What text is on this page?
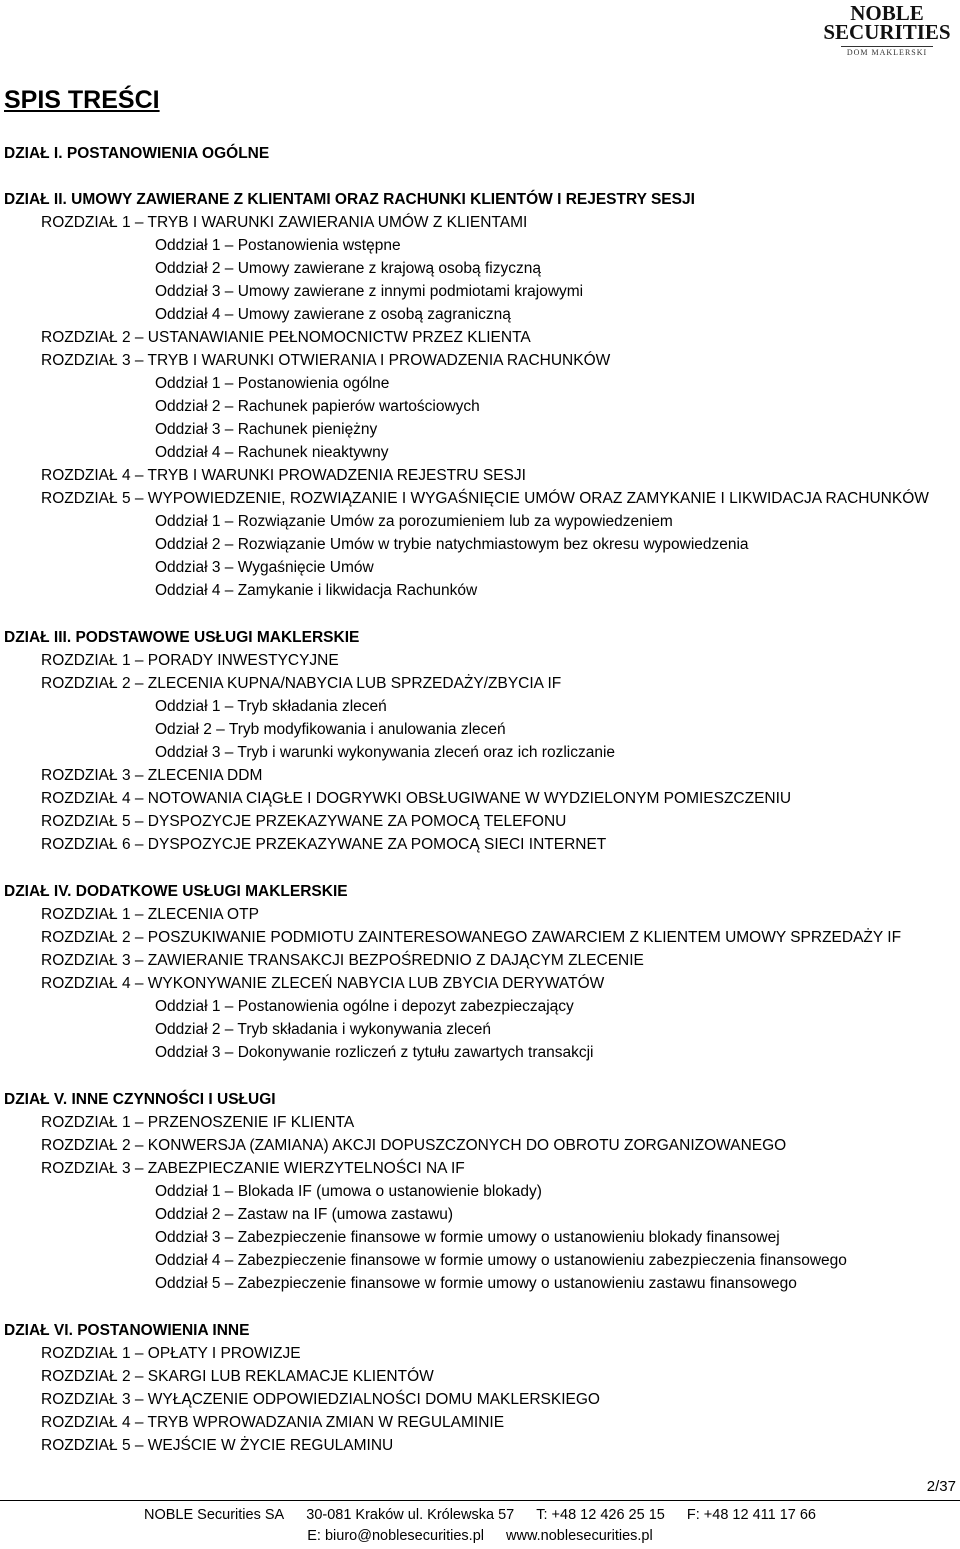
NOBLE
SECURITIES
DOM MAKLERSKI
SPIS TREŚCI
DZIAŁ I. POSTANOWIENIA OGÓLNE
DZIAŁ II. UMOWY ZAWIERANE Z KLIENTAMI ORAZ RACHUNKI KLIENTÓW I REJESTRY SESJI
ROZDZIAŁ 1 – TRYB I WARUNKI ZAWIERANIA UMÓW Z KLIENTAMI
Oddział 1 – Postanowienia wstępne
Oddział 2 – Umowy zawierane z krajową osobą fizyczną
Oddział 3 – Umowy zawierane z innymi podmiotami krajowymi
Oddział 4 – Umowy zawierane z osobą zagraniczną
ROZDZIAŁ 2 – USTANAWIANIE PEŁNOMOCNICTW PRZEZ KLIENTA
ROZDZIAŁ 3 – TRYB I WARUNKI OTWIERANIA I PROWADZENIA RACHUNKÓW
Oddział 1 – Postanowienia ogólne
Oddział 2 – Rachunek papierów wartościowych
Oddział 3 – Rachunek pieniężny
Oddział 4 – Rachunek nieaktywny
ROZDZIAŁ 4 – TRYB I WARUNKI PROWADZENIA REJESTRU SESJI
ROZDZIAŁ 5 – WYPOWIEDZENIE, ROZWIĄZANIE I WYGAŚNIĘCIE UMÓW ORAZ ZAMYKANIE I LIKWIDACJA RACHUNKÓW
Oddział 1 – Rozwiązanie Umów za porozumieniem lub za wypowiedzeniem
Oddział 2 – Rozwiązanie Umów w trybie natychmiastowym bez okresu wypowiedzenia
Oddział 3 – Wygaśnięcie Umów
Oddział 4 – Zamykanie i likwidacja Rachunków
DZIAŁ III. PODSTAWOWE USŁUGI MAKLERSKIE
ROZDZIAŁ 1 – PORADY INWESTYCYJNE
ROZDZIAŁ 2 – ZLECENIA KUPNA/NABYCIA LUB SPRZEDAŻY/ZBYCIA IF
Oddział 1 – Tryb składania zleceń
Odział 2 – Tryb modyfikowania i anulowania zleceń
Oddział 3 – Tryb i warunki wykonywania zleceń oraz ich rozliczanie
ROZDZIAŁ 3 – ZLECENIA DDM
ROZDZIAŁ 4 – NOTOWANIA CIĄGŁE I DOGRYWKI OBSŁUGIWANE W WYDZIELONYM POMIESZCZENIU
ROZDZIAŁ 5 – DYSPOZYCJE PRZEKAZYWANE ZA POMOCĄ TELEFONU
ROZDZIAŁ 6 – DYSPOZYCJE PRZEKAZYWANE ZA POMOCĄ SIECI INTERNET
DZIAŁ IV. DODATKOWE USŁUGI MAKLERSKIE
ROZDZIAŁ 1 – ZLECENIA OTP
ROZDZIAŁ 2 – POSZUKIWANIE PODMIOTU ZAINTERESOWANEGO ZAWARCIEM Z KLIENTEM UMOWY SPRZEDAŻY IF
ROZDZIAŁ 3 – ZAWIERANIE TRANSAKCJI BEZPOŚREDNIO Z DAJĄCYM ZLECENIE
ROZDZIAŁ 4 – WYKONYWANIE ZLECEŃ NABYCIA LUB ZBYCIA DERYWATÓW
Oddział 1 – Postanowienia ogólne i depozyt zabezpieczający
Oddział 2 – Tryb składania i wykonywania zleceń
Oddział 3 – Dokonywanie rozliczeń z tytułu zawartych transakcji
DZIAŁ V. INNE CZYNNOŚCI I USŁUGI
ROZDZIAŁ 1 – PRZENOSZENIE IF KLIENTA
ROZDZIAŁ 2 – KONWERSJA (ZAMIANA) AKCJI DOPUSZCZONYCH DO OBROTU ZORGANIZOWANEGO
ROZDZIAŁ 3 – ZABEZPIECZANIE WIERZYTELNOŚCI NA IF
Oddział 1 – Blokada IF (umowa o ustanowienie blokady)
Oddział 2 – Zastaw na IF (umowa zastawu)
Oddział 3 – Zabezpieczenie finansowe w formie umowy o ustanowieniu blokady finansowej
Oddział 4 – Zabezpieczenie finansowe w formie umowy o ustanowieniu zabezpieczenia finansowego
Oddział 5 – Zabezpieczenie finansowe w formie umowy o ustanowieniu zastawu finansowego
DZIAŁ VI. POSTANOWIENIA INNE
ROZDZIAŁ 1 – OPŁATY I PROWIZJE
ROZDZIAŁ 2 – SKARGI LUB REKLAMACJE KLIENTÓW
ROZDZIAŁ 3 – WYŁĄCZENIE ODPOWIEDZIALNOŚCI DOMU MAKLERSKIEGO
ROZDZIAŁ 4 – TRYB WPROWADZANIA ZMIAN W REGULAMINIE
ROZDZIAŁ 5 – WEJŚCIE W ŻYCIE REGULAMINU
2/37
NOBLE Securities SA 30-081 Kraków ul. Królewska 57 T: +48 12 426 25 15 F: +48 12 411 17 66
E: biuro@noblesecurities.pl www.noblesecurities.pl
